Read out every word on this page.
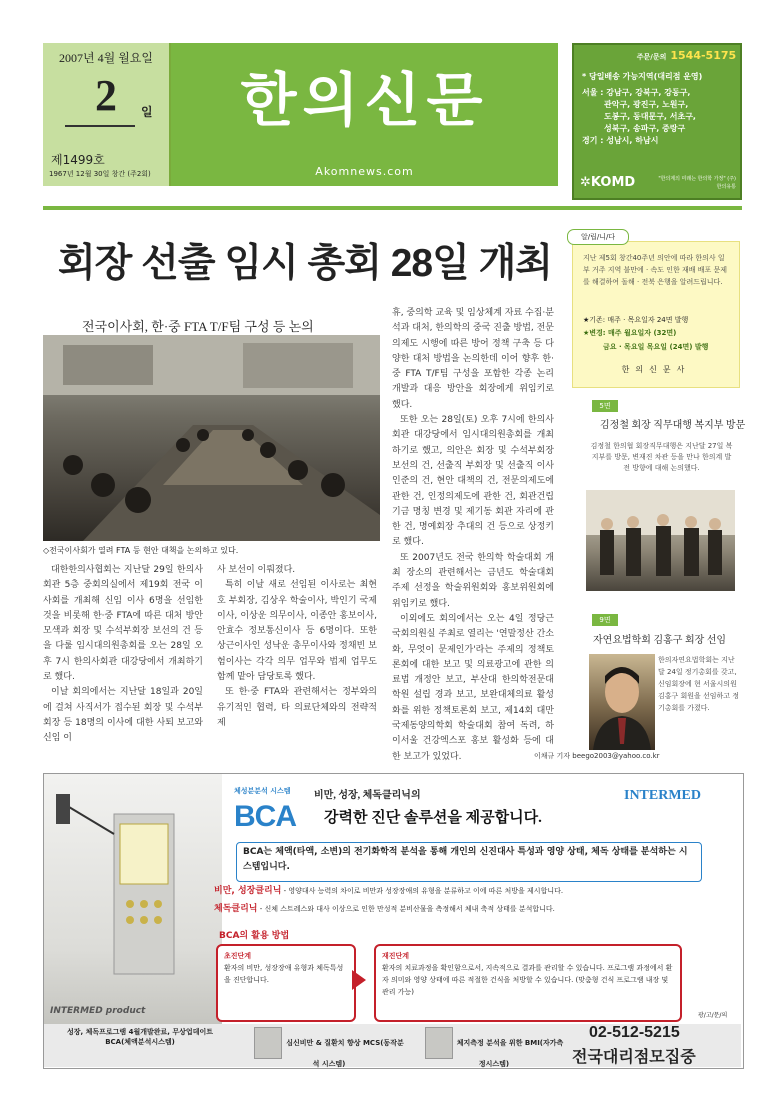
2007년 4월 월요일
2	일
제1499호
1967년 12월 30일 창간 (주2회)
한의신문
Akomnews.com
주문/문의 1544-5175
* 당일배송 가능지역(대리점 운영)
서울 : 강남구, 강북구, 강동구,
관악구, 광진구, 노원구,
도봉구, 동대문구, 서초구,
성북구, 송파구, 중랑구
경기 : 성남시, 하남시
✲KOMD	"한의계의 미래는 한의학 가정" (주)한의유통
회장 선출 임시 총회 28일 개최
전국이사회, 한·중 FTA T/F팀 구성 등 논의
◇전국이사회가 열려 FTA 등 현안 대책을 논의하고 있다.

대한한의사협회는 지난달 29일 한의사회관 5층 중회의실에서 제19회 전국 이사회를 개최해 신임 이사 6명을 선임한 것을 비롯해 한·중 FTA에 따른 대처 방안 모색과 회장 및 수석부회장 보선의 건 등을 다룰 임시대의원총회를 오는 28일 오후 7시 한의사회관 대강당에서 개최하기로 했다.

이날 회의에서는 지난달 18일과 20일에 걸쳐 사직서가 접수된 회장 및 수석부회장 등 18명의 이사에 대한 사퇴 보고와 신임 이

사 보선이 이뤄졌다.

특히 이날 새로 선임된 이사로는 최현호 부회장, 김상우 학술이사, 박인기 국제이사, 이상운 의무이사, 이종안 홍보이사, 안효수 정보통신이사 등 6명이다. 또한 상근이사인 성낙운 총무이사와 정채빈 보험이사는 각각 의무 업무와 법제 업무도 함께 맡아 담당토록 했다.

또 한·중 FTA와 관련해서는 정부와의 유기적인 협력, 타 의료단체와의 전략적 제

휴, 중의학 교육 및 임상체계 자료 수집·분석과 대처, 한의학의 중국 진출 방법, 전문의제도 시행에 따른 방어 정책 구축 등 다양한 대처 방법을 논의한데 이어 향후 한·중 FTA T/F팀 구성을 포함한 각종 논리 개발과 대응 방안을 회장에게 위임키로 했다.

또한 오는 28일(토) 오후 7시에 한의사회관 대강당에서 임시대의원총회를 개최하기로 했고, 의안은 회장 및 수석부회장 보선의 건, 선출직 부회장 및 선출직 이사 인준의 건, 현안 대책의 건, 전문의제도에 관한 건, 인정의제도에 관한 건, 회관건립기금 명칭 변경 및 제기동 회관 자리에 관한 건, 명예회장 추대의 건 등으로 상정키로 했다.

또 2007년도 전국 한의학 학술대회 개최 장소의 관련해서는 금년도 학술대회 주제 선정을 학술위원회와 홍보위원회에 위임키로 했다.

이외에도 회의에서는 오는 4일 정당근 국회의원실 주최로 열리는 '연말정산 간소화, 무엇이 문제인가'라는 주제의 정책토론회에 대한 보고 및 의료광고에 관한 의료법 개정안 보고, 부산대 한의학전문대학원 설립 경과 보고, 보완대체의료 활성화를 위한 정책토론회 보고, 제14회 대만 국제동양의학회 학술대회 참여 독려, 하이서울 건강엑스포 홍보 활성화 등에 대한 보고가 있었다.	이채규 기자 beego2003@yahoo.co.kr
지난 제5회 창간40주년 의안에 따라 한의사 일부 거주 지역 불만에 · 속도 인한 재배 배포 문제를 해결하여 돌해 · 전북 은행을 알려드립니다.
★기존: 매주 · 목요일자 24면 발행
★변경: 매주 월요일자 (32면)
금요 · 목요일 목요일 (24면) 발행
한의신문사
알/립/니/다
5면
김정철 회장 직무대행 복지부 방문
김정철 한의협 회장직무대행은 지난달 27일 복지부를 방문, 변재진 차관 등을 만나 한의계 발전 방향에 대해 논의했다.
9면
자연요법학회 김홍구 회장 선임
한의자연요법학회는 지난달 24일 정기총회를 갖고, 신임회장에 현 서울시의원 김홍구 회원을 선임하고 정기총회를 가졌다.
INTERMED product
체성분분석 시스템
BCA
비만, 성장, 체독클리닉의
강력한 진단 솔루션을 제공합니다.
INTERMED
BCA는 체액(타액, 소변)의 전기화학적 분석을 통해 개인의 신진대사 특성과 영양 상태, 체독 상태를 분석하는 시스템입니다.
비만, 성장클리닉 - 영양대사 능력의 차이로 비만과 성장장애의 유형을 분류하고 이에 따른 처방을 제시합니다.
체독클리닉 - 신체 스트레스와 대사 이상으로 인한 만성적 분비산물을 측정해서 체내 축적 상태를 분석합니다.
BCA의 활용 방법
초진단계
환자의 비만, 성장장애 유형과 체독특성을 진단합니다.
재진단계
환자의 치료과정을 확인함으로서, 지속적으로 결과를 관리할 수 있습니다. 프로그램 과정에서 환자 의미와 영양 상태에 따른 적절한 건식을 처방할 수 있습니다. (맞춤형 건식 프로그램 내장 및 관리 가능)
성장, 체독프로그램 4월개발완료, 무상업데이트 BCA(체액분석시스템)	심신비만 & 질환치 향상 MCS(동작분석 시스템)
체지측정 분석을 위한 BMI(자가측정시스템)
광/고/문/의
02-512-5215
전국대리점모집중
